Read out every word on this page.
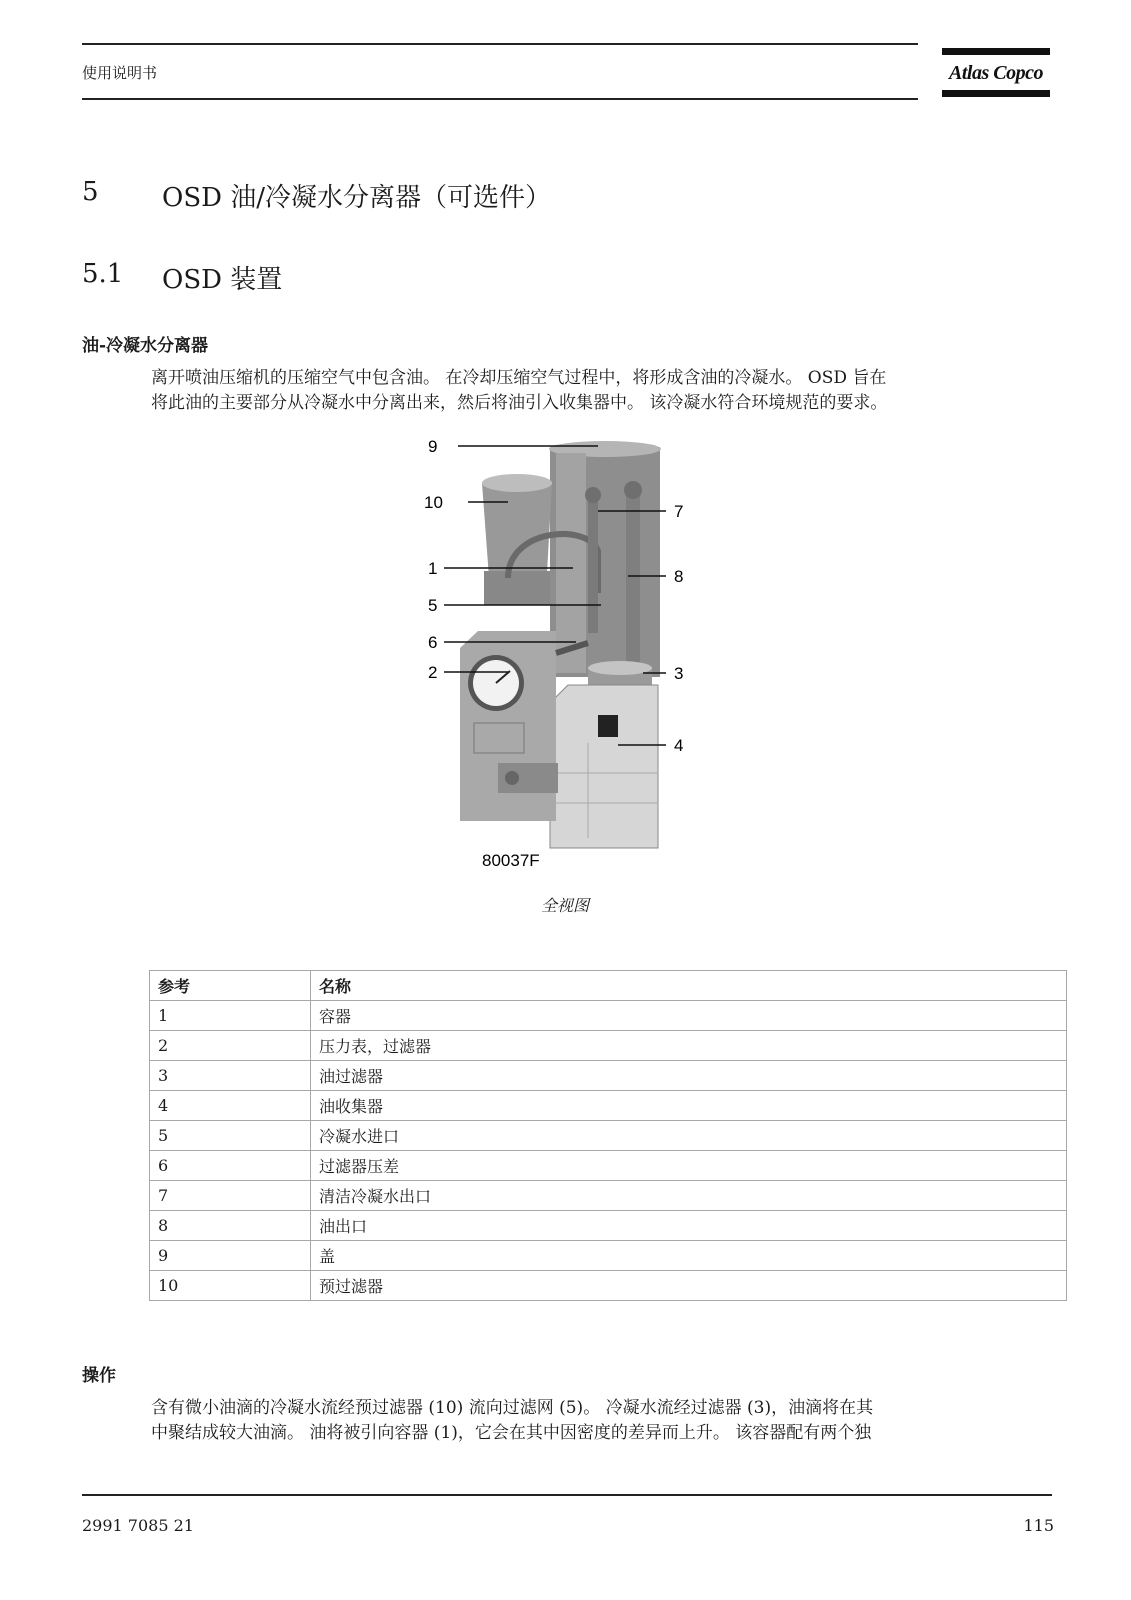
使用说明书	Atlas Copco
5 OSD 油/冷凝水分离器（可选件）
5.1 OSD 装置
油-冷凝水分离器
离开喷油压缩机的压缩空气中包含油。 在冷却压缩空气过程中，将形成含油的冷凝水。 OSD 旨在
将此油的主要部分从冷凝水中分离出来，然后将油引入收集器中。 该冷凝水符合环境规范的要求。
9
10	7
1	8
5
6
2	3
4
80037F
全视图
参考	名称
1	容器
2	压力表，过滤器
3	油过滤器
4	油收集器
5	冷凝水进口
6	过滤器压差
7	清洁冷凝水出口
8	油出口
9	盖
10	预过滤器
操作
含有微小油滴的冷凝水流经预过滤器 (10) 流向过滤网 (5)。 冷凝水流经过滤器 (3)，油滴将在其
中聚结成较大油滴。 油将被引向容器 (1)，它会在其中因密度的差异而上升。 该容器配有两个独
2991 7085 21	115
